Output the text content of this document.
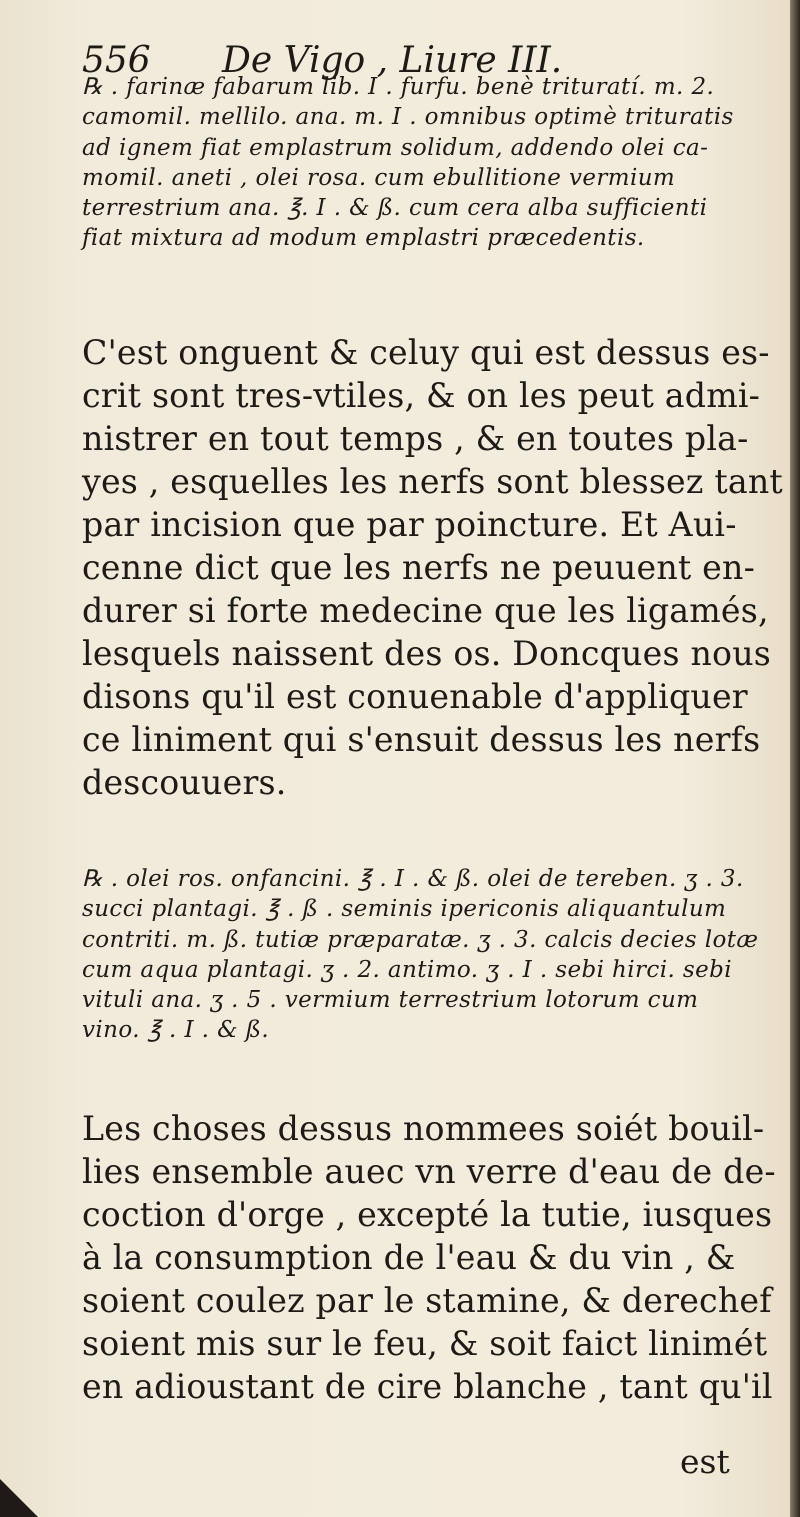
556 De Vigo , Liure III.
℞ . farinæ fabarum lib. I . furfu. benè trituratí. m. 2.
camomil. mellilo. ana. m. I . omnibus optimè trituratis
ad ignem fiat emplastrum solidum, addendo olei ca-
momil. aneti , olei rosa. cum ebullitione vermium
terrestrium ana. ℥. I . & ß. cum cera alba sufficienti
fiat mixtura ad modum emplastri præcedentis.
C'est onguent & celuy qui est dessus es-
crit sont tres-vtiles, & on les peut admi-
nistrer en tout temps , & en toutes pla-
yes , esquelles les nerfs sont blessez tant
par incision que par poincture. Et Aui-
cenne dict que les nerfs ne peuuent en-
durer si forte medecine que les ligamés,
lesquels naissent des os. Doncques nous
disons qu'il est conuenable d'appliquer
ce liniment qui s'ensuit dessus les nerfs
descouuers.
℞ . olei ros. onfancini. ℥ . I . & ß. olei de tereben. ʒ . 3.
succi plantagi. ℥ . ß . seminis ipericonis aliquantulum
contriti. m. ß. tutiæ præparatæ. ʒ . 3. calcis decies lotæ
cum aqua plantagi. ʒ . 2. antimo. ʒ . I . sebi hirci. sebi
vituli ana. ʒ . 5 . vermium terrestrium lotorum cum
vino. ℥ . I . & ß.
Les choses dessus nommees soiét bouil-
lies ensemble auec vn verre d'eau de de-
coction d'orge , excepté la tutie, iusques
à la consumption de l'eau & du vin , &
soient coulez par le stamine, & derechef
soient mis sur le feu, & soit faict linimét
en adioustant de cire blanche , tant qu'il
est
